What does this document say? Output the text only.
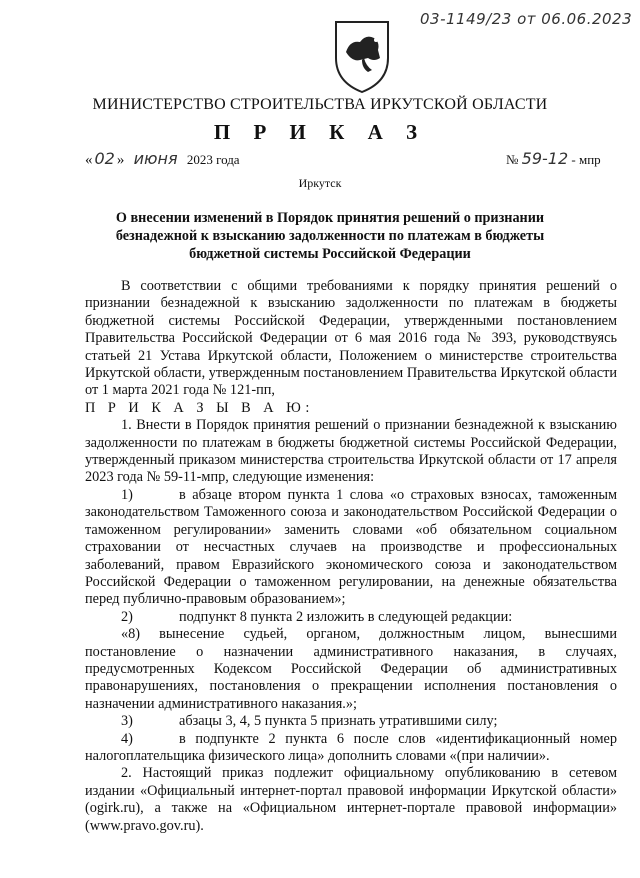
03-1149/23 от 06.06.2023
МИНИСТЕРСТВО СТРОИТЕЛЬСТВА ИРКУТСКОЙ ОБЛАСТИ
П Р И К А З
« 02 » июня 2023 года	№ 59-12 - мпр
Иркутск
О внесении изменений в Порядок принятия решений о признании
безнадежной к взысканию задолженности по платежам в бюджеты
бюджетной системы Российской Федерации

В соответствии с общими требованиями к порядку принятия решений о признании безнадежной к взысканию задолженности по платежам в бюджеты бюджетной системы Российской Федерации, утвержденными постановлением Правительства Российской Федерации от 6 мая 2016 года № 393, руководствуясь статьей 21 Устава Иркутской области, Положением о министерстве строительства Иркутской области, утвержденным постановлением Правительства Иркутской области от 1 марта 2021 года № 121-пп,

П Р И К А З Ы В А Ю:

1. Внести в Порядок принятия решений о признании безнадежной к взысканию задолженности по платежам в бюджеты бюджетной системы Российской Федерации, утвержденный приказом министерства строительства Иркутской области от 17 апреля 2023 года № 59-11-мпр, следующие изменения:

1)	в абзаце втором пункта 1 слова «о страховых взносах, таможенным законодательством Таможенного союза и законодательством Российской Федерации о таможенном регулировании» заменить словами «об обязательном социальном страховании от несчастных случаев на производстве и профессиональных заболеваний, правом Евразийского экономического союза и законодательством Российской Федерации о таможенном регулировании, на денежные обязательства перед публично-правовым образованием»;

2)	подпункт 8 пункта 2 изложить в следующей редакции:

«8) вынесение судьей, органом, должностным лицом, вынесшими постановление о назначении административного наказания, в случаях, предусмотренных Кодексом Российской Федерации об административных правонарушениях, постановления о прекращении исполнения постановления о назначении административного наказания.»;

3)	абзацы 3, 4, 5 пункта 5 признать утратившими силу;

4)	в подпункте 2 пункта 6 после слов «идентификационный номер налогоплательщика физического лица» дополнить словами «(при наличии».

2. Настоящий приказ подлежит официальному опубликованию в сетевом издании «Официальный интернет-портал правовой информации Иркутской области» (ogirk.ru), а также на «Официальном интернет-портале правовой информации» (www.pravo.gov.ru).
